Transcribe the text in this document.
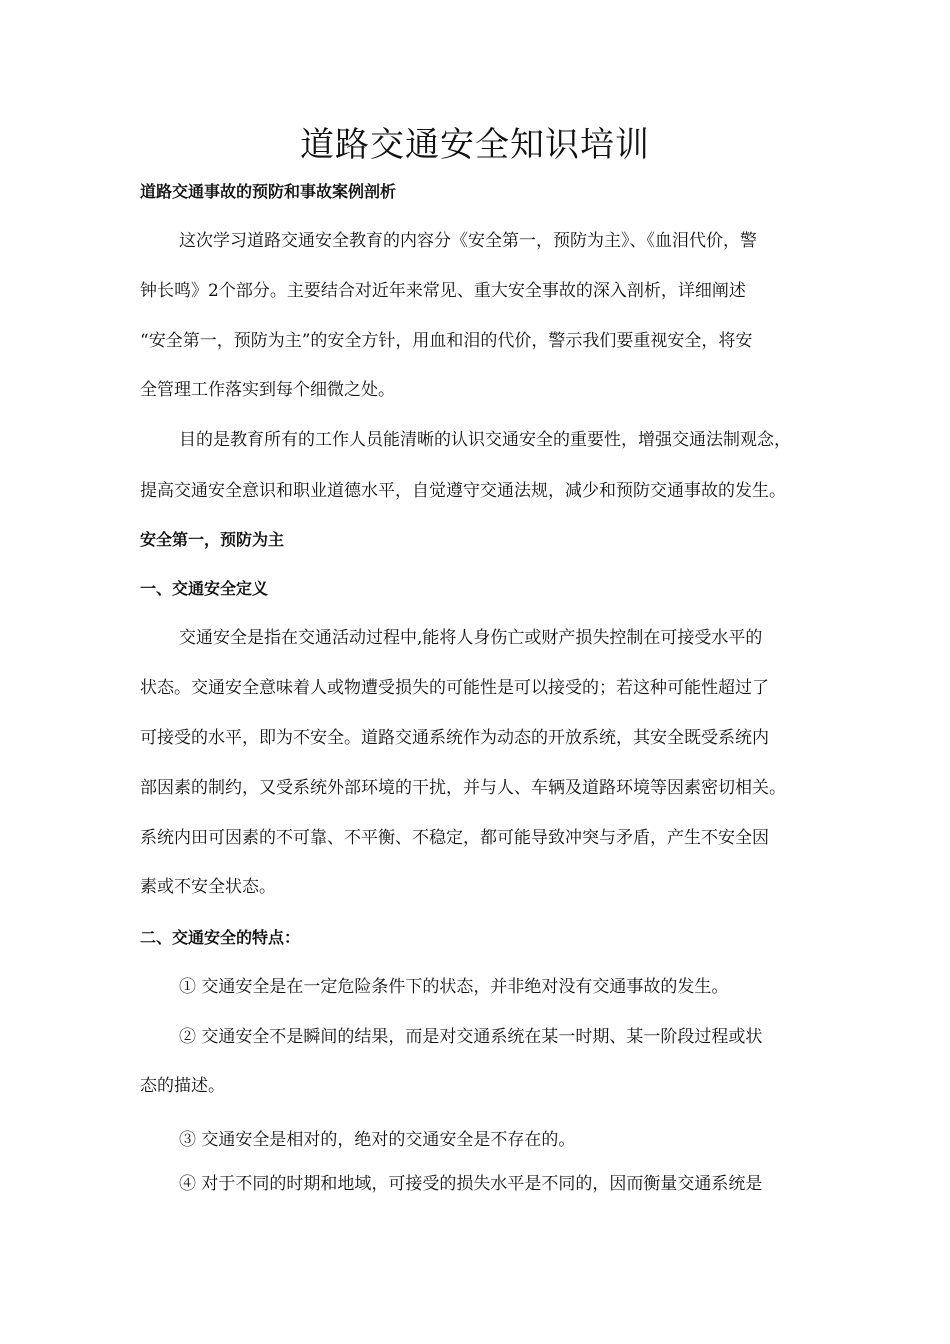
道路交通安全知识培训
道路交通事故的预防和事故案例剖析
这次学习道路交通安全教育的内容分《安全第一，预防为主》、《血泪代价，警
钟长鸣》2个部分。主要结合对近年来常见、重大安全事故的深入剖析，详细阐述
“安全第一，预防为主”的安全方针，用血和泪的代价，警示我们要重视安全，将安
全管理工作落实到每个细微之处。
目的是教育所有的工作人员能清晰的认识交通安全的重要性，增强交通法制观念，
提高交通安全意识和职业道德水平，自觉遵守交通法规，减少和预防交通事故的发生。
安全第一，预防为主
一、交通安全定义
交通安全是指在交通活动过程中,能将人身伤亡或财产损失控制在可接受水平的
状态。交通安全意味着人或物遭受损失的可能性是可以接受的；若这种可能性超过了
可接受的水平，即为不安全。道路交通系统作为动态的开放系统，其安全既受系统内
部因素的制约，又受系统外部环境的干扰，并与人、车辆及道路环境等因素密切相关。
系统内田可因素的不可靠、不平衡、不稳定，都可能导致冲突与矛盾，产生不安全因
素或不安全状态。
二、交通安全的特点：
① 交通安全是在一定危险条件下的状态，并非绝对没有交通事故的发生。
② 交通安全不是瞬间的结果，而是对交通系统在某一时期、某一阶段过程或状
态的描述。
③ 交通安全是相对的，绝对的交通安全是不存在的。
④ 对于不同的时期和地域，可接受的损失水平是不同的，因而衡量交通系统是
